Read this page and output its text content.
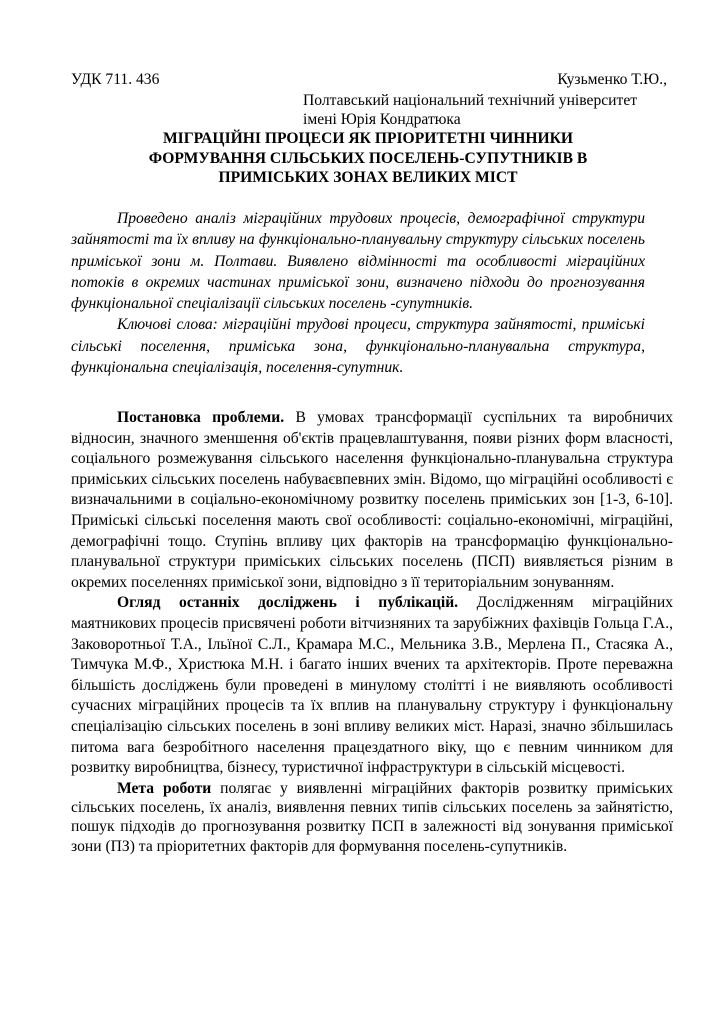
УДК 711. 436	Кузьменко Т.Ю.,
Полтавський національний технічний університет
імені Юрія Кондратюка
МІГРАЦІЙНІ ПРОЦЕСИ ЯК ПРІОРИТЕТНІ ЧИННИКИ
ФОРМУВАННЯ СІЛЬСЬКИХ ПОСЕЛЕНЬ-СУПУТНИКІВ В
ПРИМІСЬКИХ ЗОНАХ ВЕЛИКИХ МІСТ

Проведено аналіз міграційних трудових процесів, демографічної структури зайнятості та їх впливу на функціонально-планувальну структуру сільських поселень приміської зони м. Полтави. Виявлено відмінності та особливості міграційних потоків в окремих частинах приміської зони, визначено підходи до прогнозування функціональної спеціалізації сільських поселень -супутників.

Ключові слова: міграційні трудові процеси, структура зайнятості, приміські сільські поселення, приміська зона, функціонально-планувальна структура, функціональна спеціалізація, поселення-супутник.

Постановка проблеми. В умовах трансформації суспільних та виробничих відносин, значного зменшення об'єктів працевлаштування, появи різних форм власності, соціального розмежування сільського населення функціонально-планувальна структура приміських сільських поселень набуваєвпевних змін. Відомо, що міграційні особливості є визначальними в соціально-економічному розвитку поселень приміських зон [1-3, 6-10]. Приміські сільські поселення мають свої особливості: соціально-економічні, міграційні, демографічні тощо. Ступінь впливу цих факторів на трансформацію функціонально-планувальної структури приміських сільських поселень (ПСП) виявляється різним в окремих поселеннях приміської зони, відповідно з її територіальним зонуванням.

Огляд останніх досліджень і публікацій. Дослідженням міграційних маятникових процесів присвячені роботи вітчизняних та зарубіжних фахівців Гольца Г.А., Заковоротньої Т.А., Ільїної С.Л., Крамара М.С., Мельника З.В., Мерлена П., Стасяка А., Тимчука М.Ф., Христюка М.Н. і багато інших вчених та архітекторів. Проте переважна більшість досліджень були проведені в минулому столітті і не виявляють особливості сучасних міграційних процесів та їх вплив на планувальну структуру і функціональну спеціалізацію сільських поселень в зоні впливу великих міст. Наразі, значно збільшилась питома вага безробітного населення працездатного віку, що є певним чинником для розвитку виробництва, бізнесу, туристичної інфраструктури в сільській місцевості.

Мета роботи полягає у виявленні міграційних факторів розвитку приміських сільських поселень, їх аналіз, виявлення певних типів сільських поселень за зайнятістю, пошук підходів до прогнозування розвитку ПСП в залежності від зонування приміської зони (ПЗ) та пріоритетних факторів для формування поселень-супутників.
